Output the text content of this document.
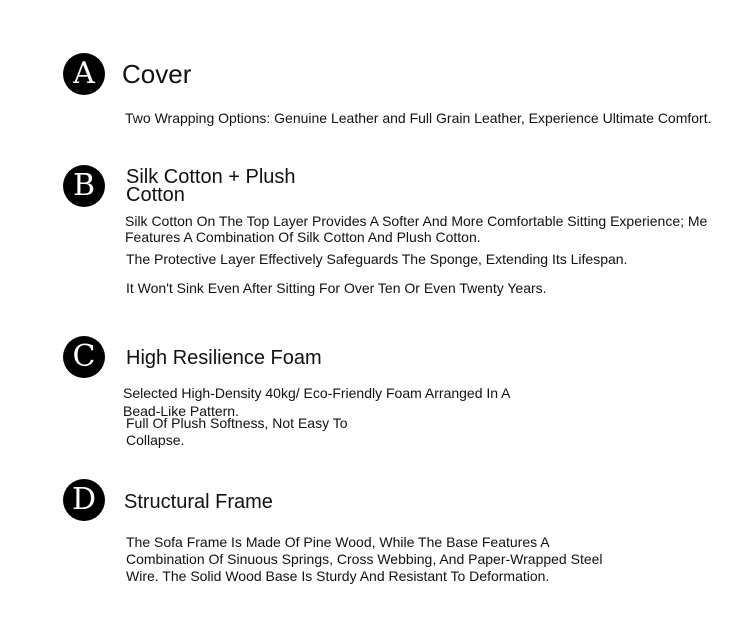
A	Cover
Two Wrapping Options: Genuine Leather and Full Grain Leather, Experience Ultimate Comfort.
B	Silk Cotton + Plush
Cotton
Silk Cotton On The Top Layer Provides A Softer And More Comfortable Sitting Experience; Me
Features A Combination Of Silk Cotton And Plush Cotton.
The Protective Layer Effectively Safeguards The Sponge, Extending Its Lifespan.
It Won't Sink Even After Sitting For Over Ten Or Even Twenty Years.
C	High Resilience Foam
Selected High-Density 40kg/ Eco-Friendly Foam Arranged In A
Bead-Like Pattern.
Full Of Plush Softness, Not Easy To
Collapse.
D	Structural Frame
The Sofa Frame Is Made Of Pine Wood, While The Base Features A
Combination Of Sinuous Springs, Cross Webbing, And Paper-Wrapped Steel
Wire. The Solid Wood Base Is Sturdy And Resistant To Deformation.
